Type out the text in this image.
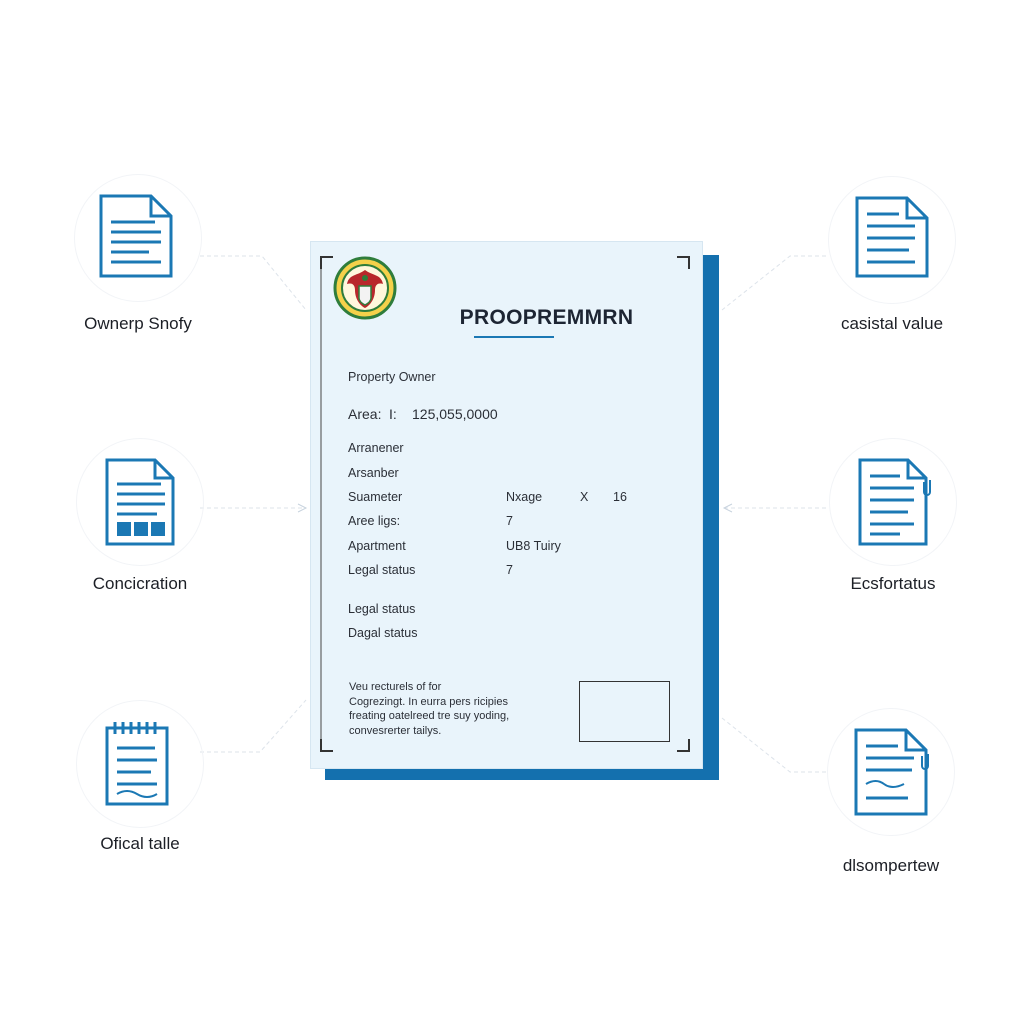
Ownerp Snofy
Concicration
Ofical talle
casistal value
Ecsfortatus
dlsompertew
PROOPREMMRN
Property Owner
Area: I: 125,055,0000
Arranener
Arsanber
Suameter	Nxage	X 16
Aree ligs:	7
Apartment	UB8 Tuiry
Legal status	7
Legal status
Dagal status
Veu recturels of for
Cogrezingt. In eurra pers ricipies
freating oatelreed tre suy yoding,
convesrerter tailys.
